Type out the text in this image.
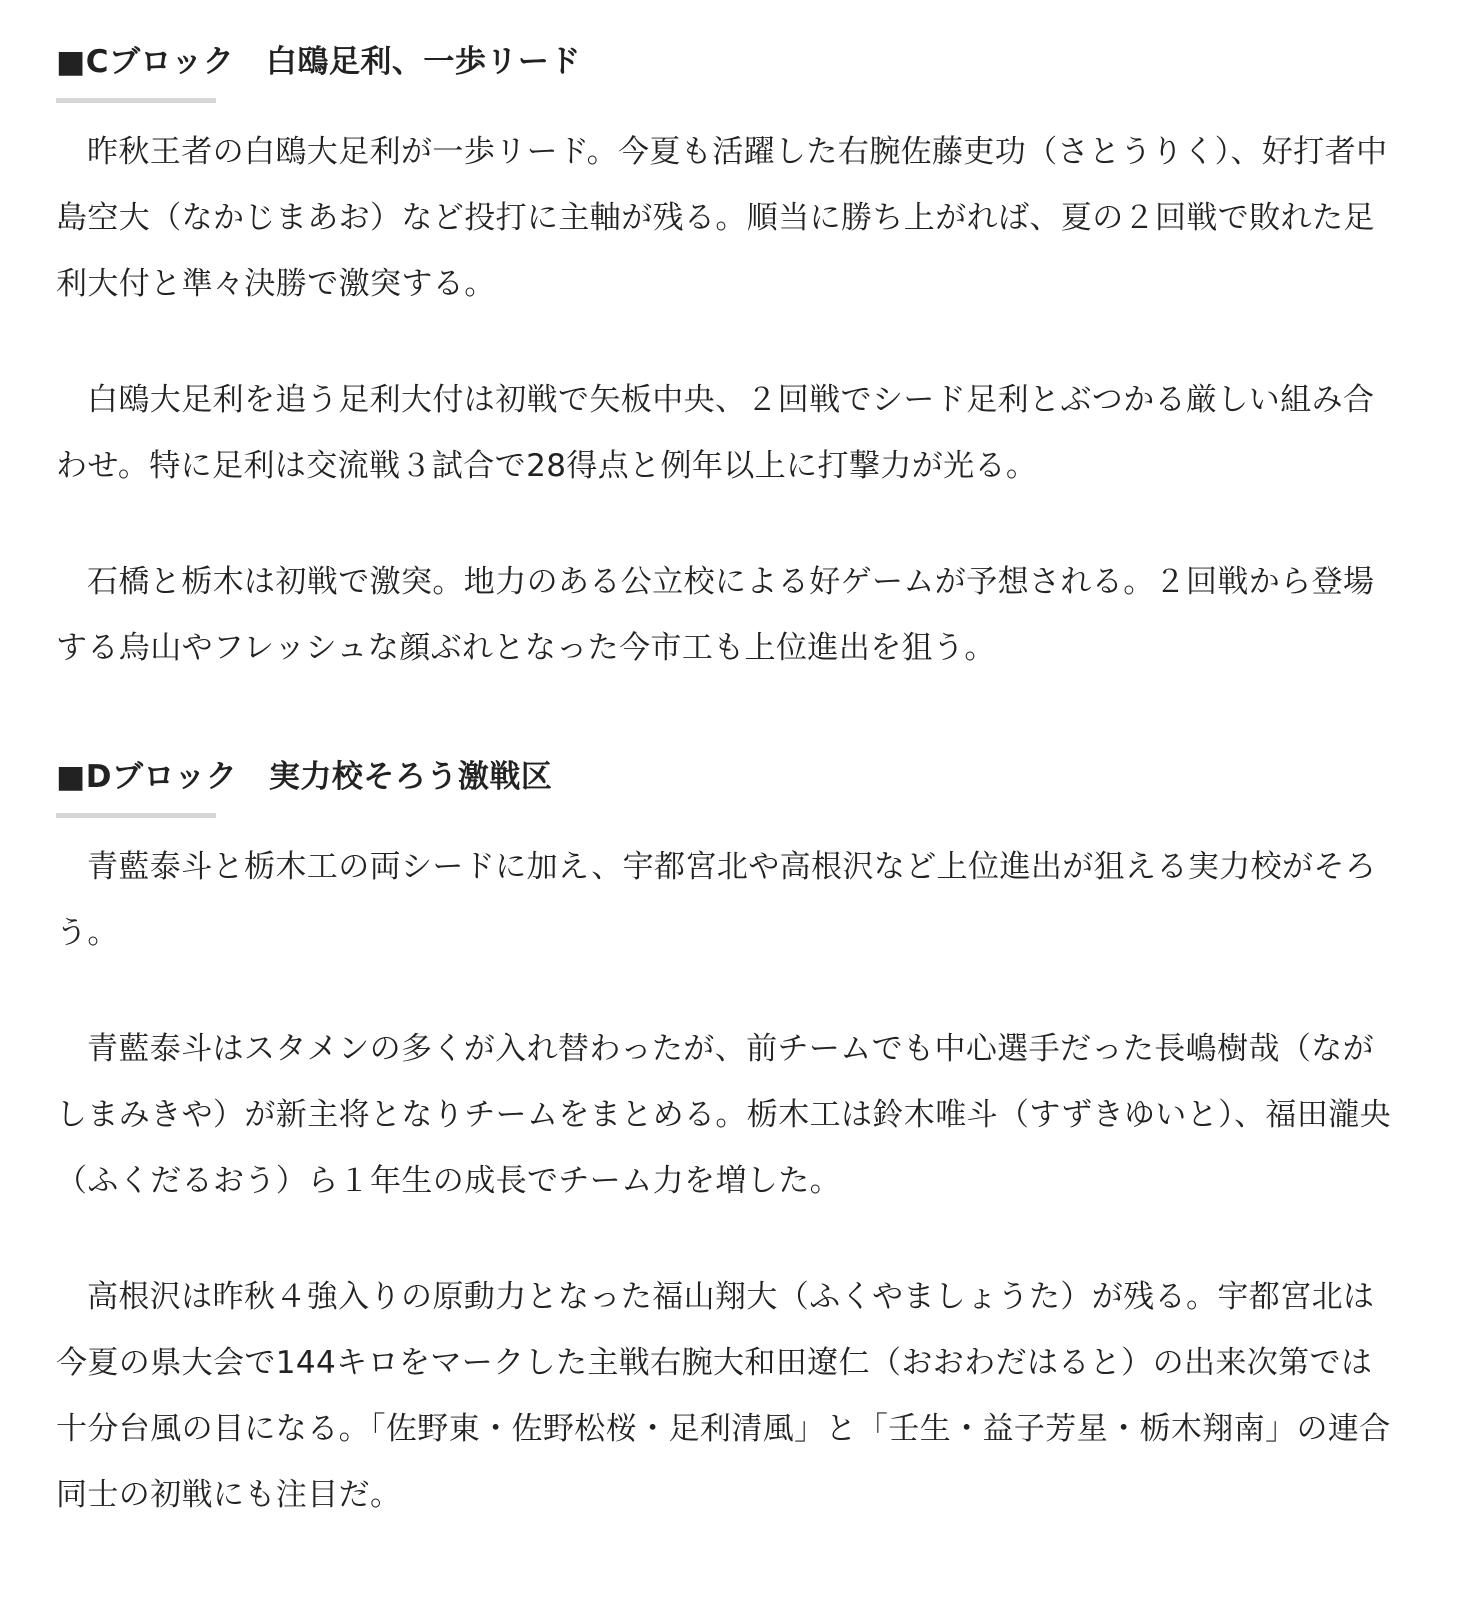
■Cブロック　白鴎足利、一歩リード

昨秋王者の白鴎大足利が一歩リード。今夏も活躍した右腕佐藤吏功（さとうりく）、好打者中島空大（なかじまあお）など投打に主軸が残る。順当に勝ち上がれば、夏の２回戦で敗れた足利大付と準々決勝で激突する。

白鴎大足利を追う足利大付は初戦で矢板中央、２回戦でシード足利とぶつかる厳しい組み合わせ。特に足利は交流戦３試合で28得点と例年以上に打撃力が光る。

石橋と栃木は初戦で激突。地力のある公立校による好ゲームが予想される。２回戦から登場する烏山やフレッシュな顔ぶれとなった今市工も上位進出を狙う。

■Dブロック　実力校そろう激戦区

青藍泰斗と栃木工の両シードに加え、宇都宮北や高根沢など上位進出が狙える実力校がそろう。

青藍泰斗はスタメンの多くが入れ替わったが、前チームでも中心選手だった長嶋樹哉（ながしまみきや）が新主将となりチームをまとめる。栃木工は鈴木唯斗（すずきゆいと）、福田瀧央（ふくだるおう）ら１年生の成長でチーム力を増した。

高根沢は昨秋４強入りの原動力となった福山翔大（ふくやましょうた）が残る。宇都宮北は今夏の県大会で144キロをマークした主戦右腕大和田遼仁（おおわだはると）の出来次第では十分台風の目になる。「佐野東・佐野松桜・足利清風」と「壬生・益子芳星・栃木翔南」の連合同士の初戦にも注目だ。
